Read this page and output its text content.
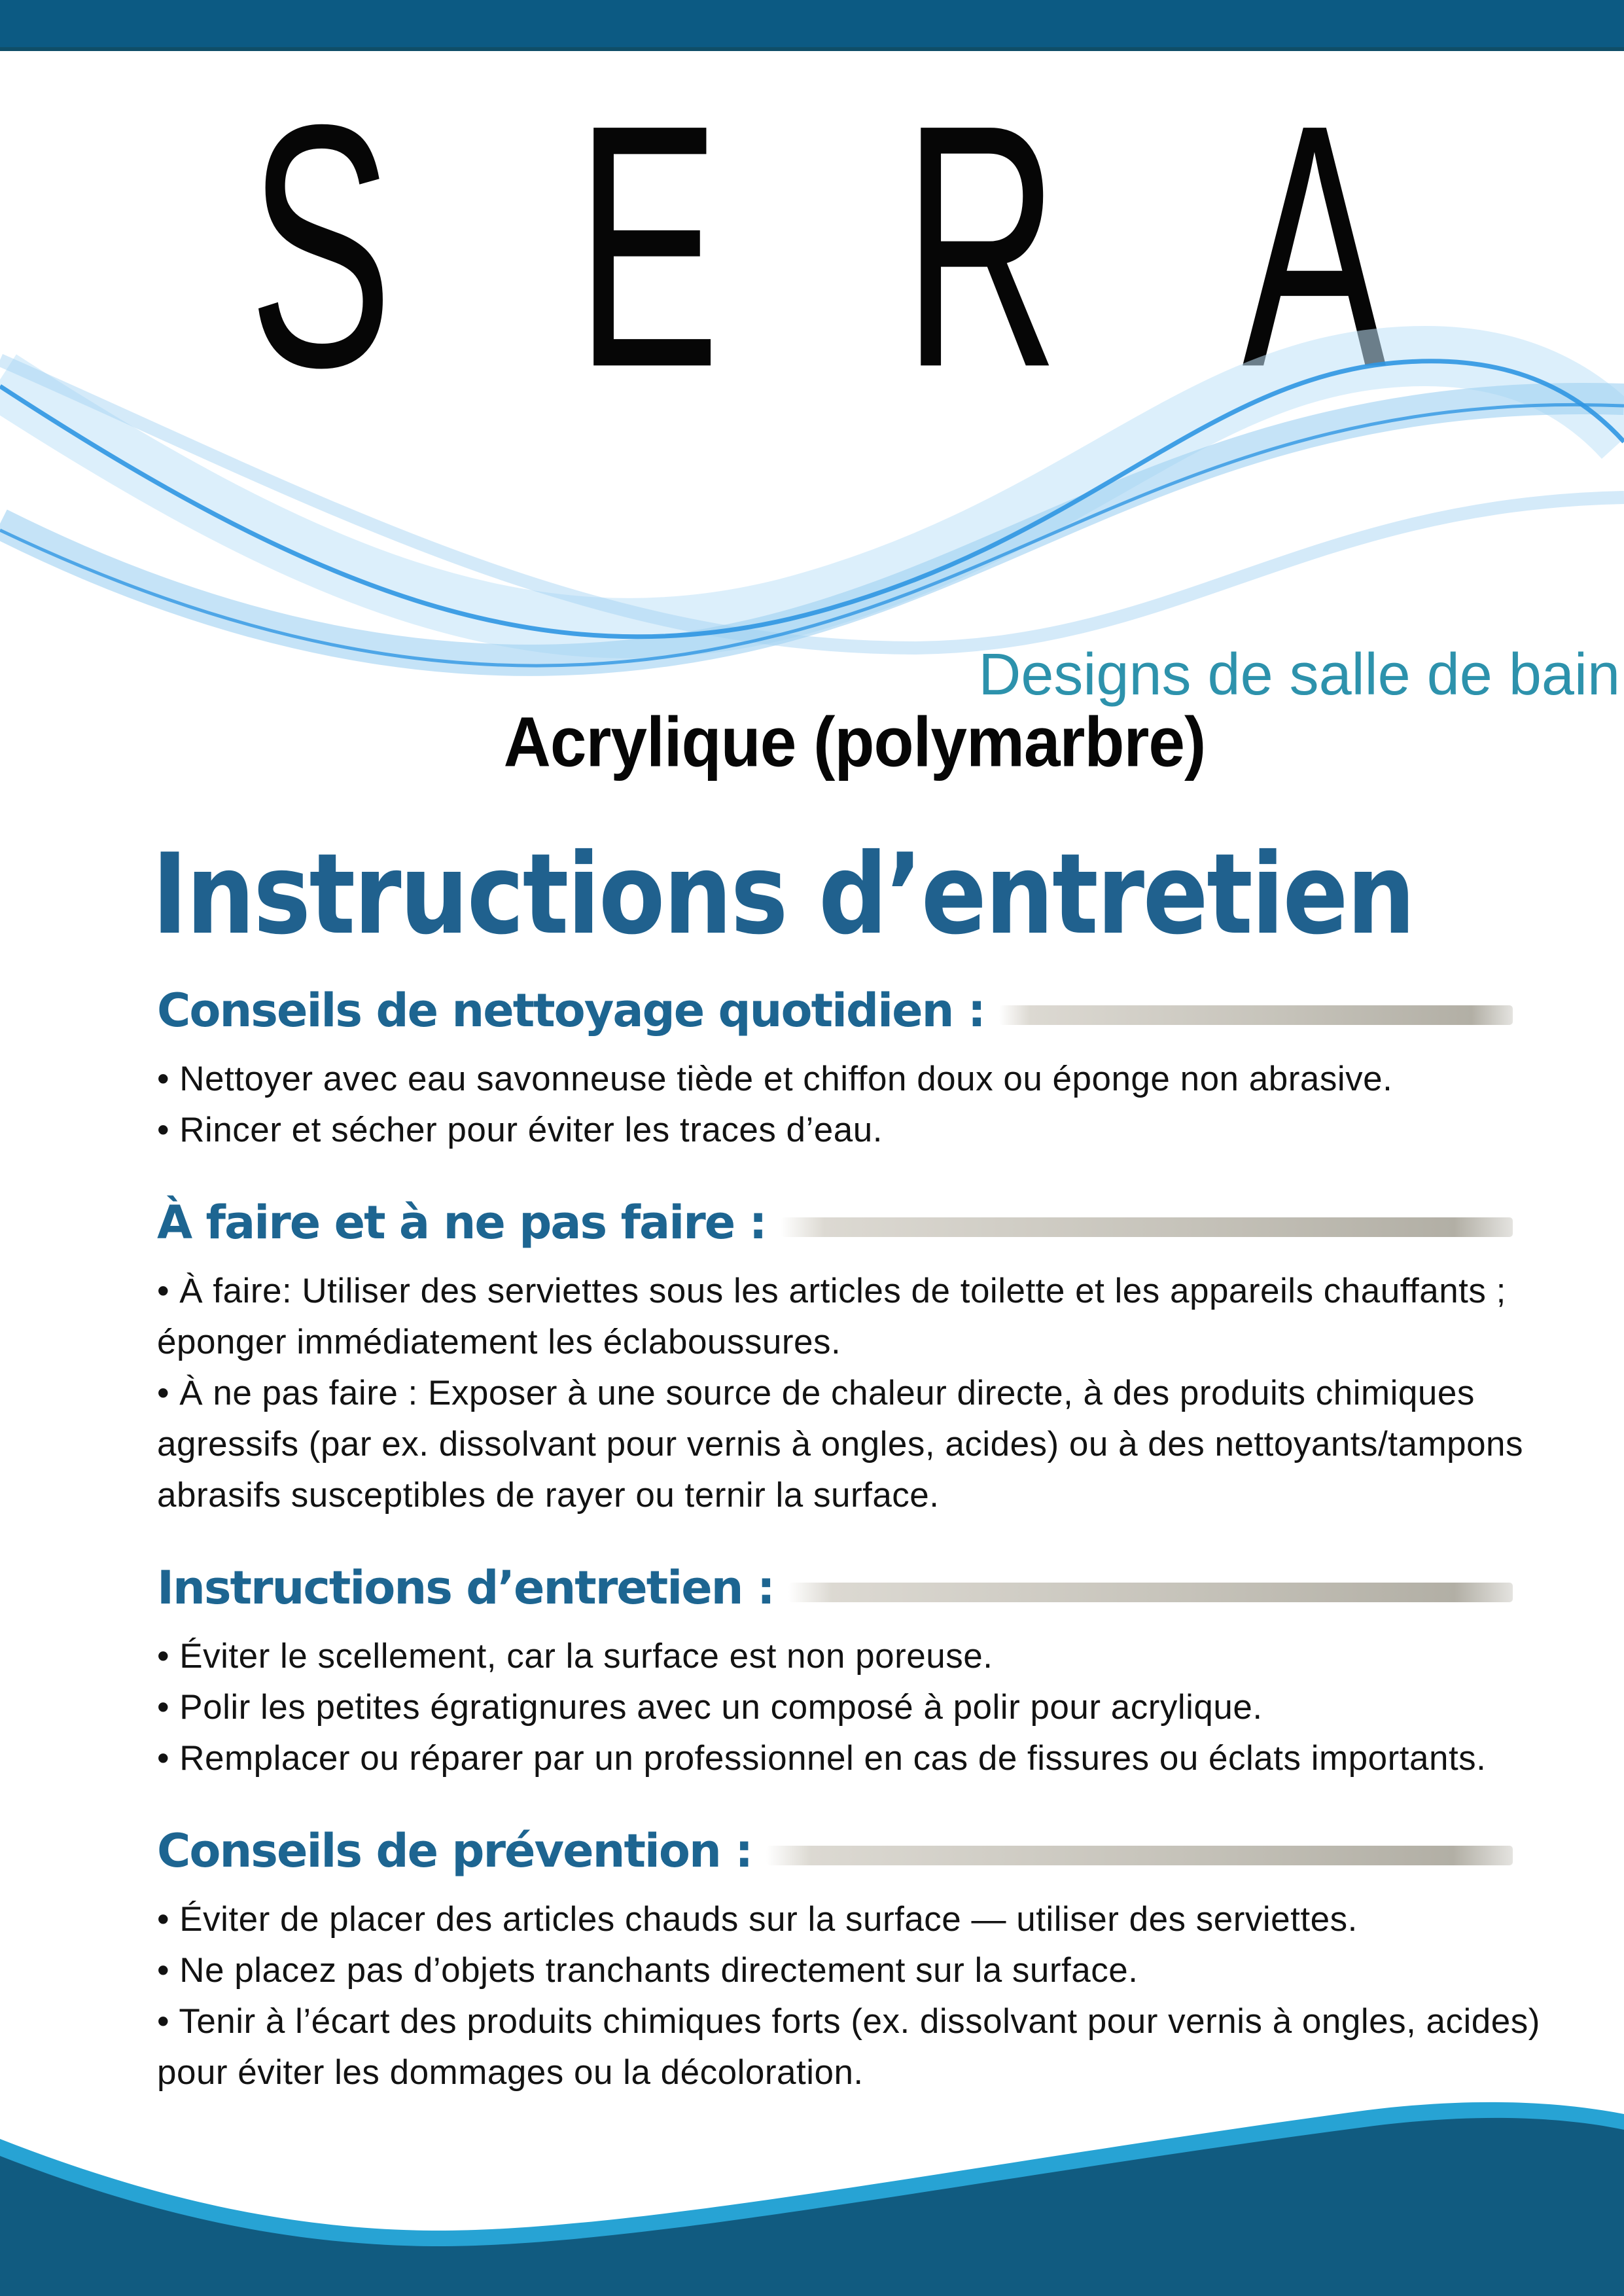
SERA
Designs de salle de bain
Acrylique (polymarbre)
Instructions d’entretien
Conseils de nettoyage quotidien :

• Nettoyer avec eau savonneuse tiède et chiffon doux ou éponge non abrasive.

• Rincer et sécher pour éviter les traces d’eau.

À faire et à ne pas faire :

• À faire: Utiliser des serviettes sous les articles de toilette et les appareils chauffants ; éponger immédiatement les éclaboussures.

• À ne pas faire : Exposer à une source de chaleur directe, à des produits chimiques agressifs (par ex. dissolvant pour vernis à ongles, acides) ou à des nettoyants/tampons abrasifs susceptibles de rayer ou ternir la surface.

Instructions d’entretien :

• Éviter le scellement, car la surface est non poreuse.

• Polir les petites égratignures avec un composé à polir pour acrylique.

• Remplacer ou réparer par un professionnel en cas de fissures ou éclats importants.

Conseils de prévention :

• Éviter de placer des articles chauds sur la surface — utiliser des serviettes.

• Ne placez pas d’objets tranchants directement sur la surface.

• Tenir à l’écart des produits chimiques forts (ex. dissolvant pour vernis à ongles, acides) pour éviter les dommages ou la décoloration.
